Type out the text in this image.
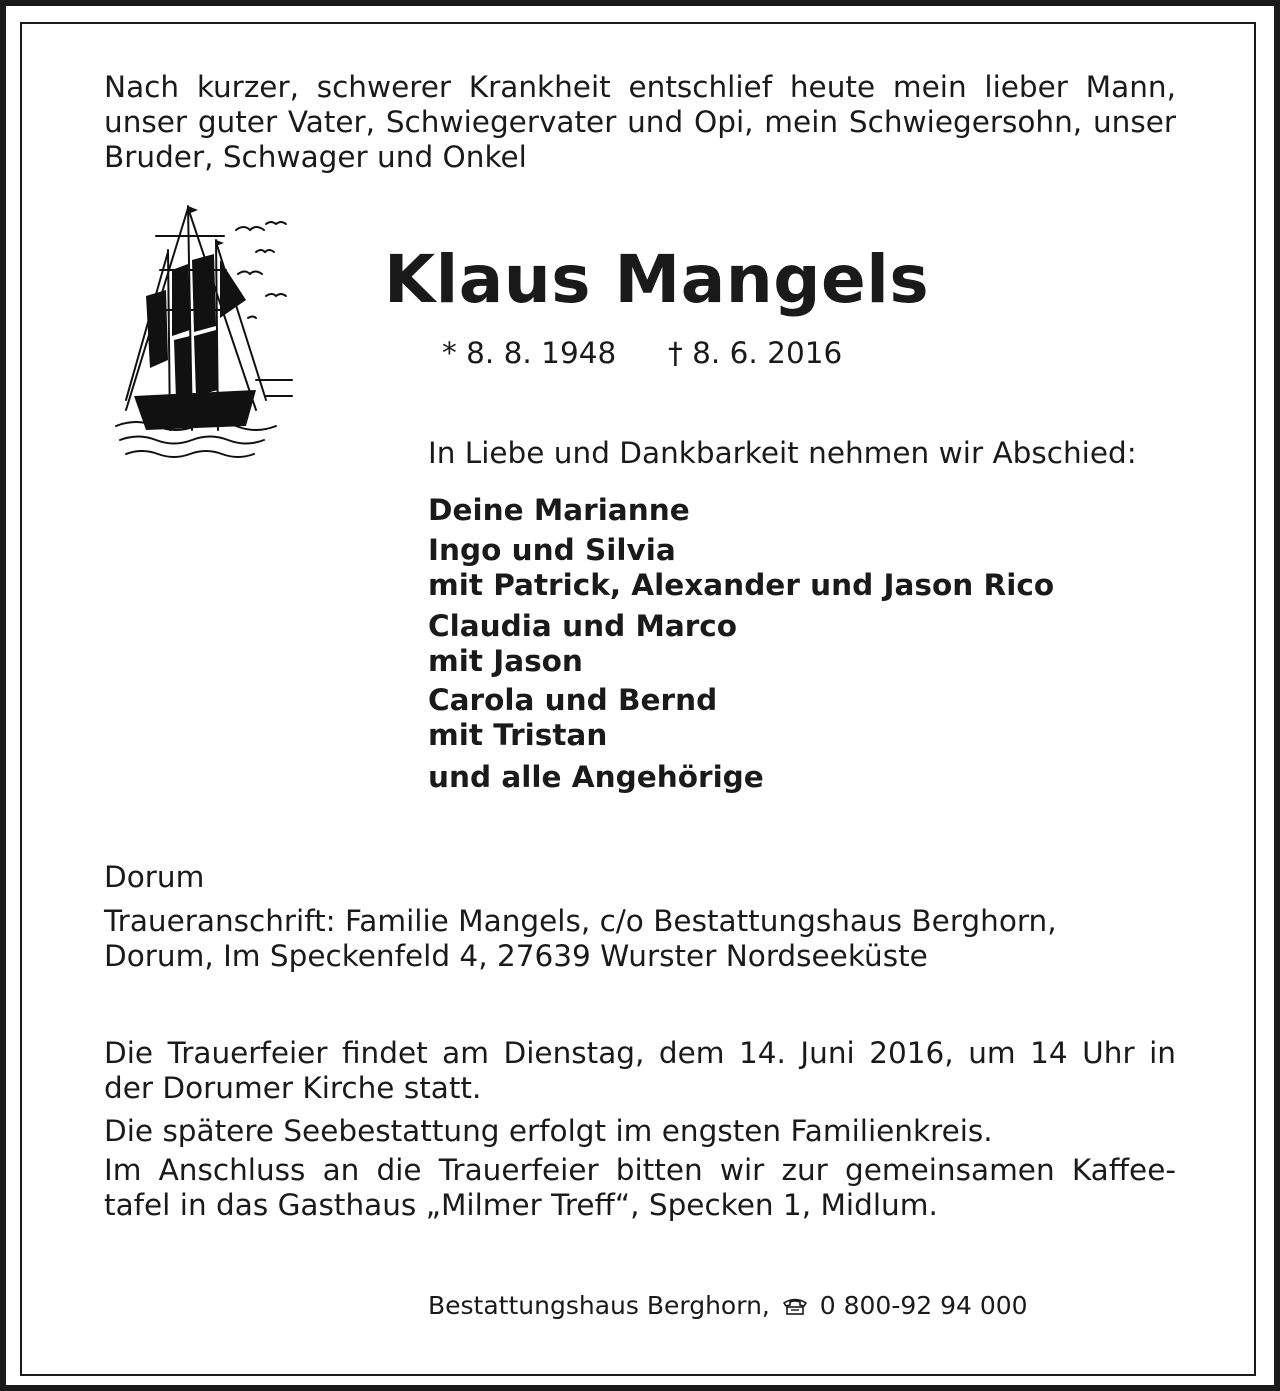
Nach kurzer, schwerer Krankheit entschlief heute mein lieber Mann,
unser guter Vater, Schwiegervater und Opi, mein Schwiegersohn, unser
Bruder, Schwager und Onkel
Klaus Mangels

* 8. 8. 1948 † 8. 6. 2016

In Liebe und Dankbarkeit nehmen wir Abschied:

Deine Marianne

Ingo und Silvia

mit Patrick, Alexander und Jason Rico

Claudia und Marco

mit Jason

Carola und Bernd

mit Tristan

und alle Angehörige

Dorum

Traueranschrift: Familie Mangels, c/o Bestattungshaus Berghorn,

Dorum, Im Speckenfeld 4, 27639 Wurster Nordseeküste

Die Trauerfeier findet am Dienstag, dem 14. Juni 2016, um 14 Uhr in
der Dorumer Kirche statt.

Die spätere Seebestattung erfolgt im engsten Familienkreis.

Im Anschluss an die Trauerfeier bitten wir zur gemeinsamen Kaffee-
tafel in das Gasthaus „Milmer Treff“, Specken 1, Midlum.

Bestattungshaus Berghorn, 0 800-92 94 000
